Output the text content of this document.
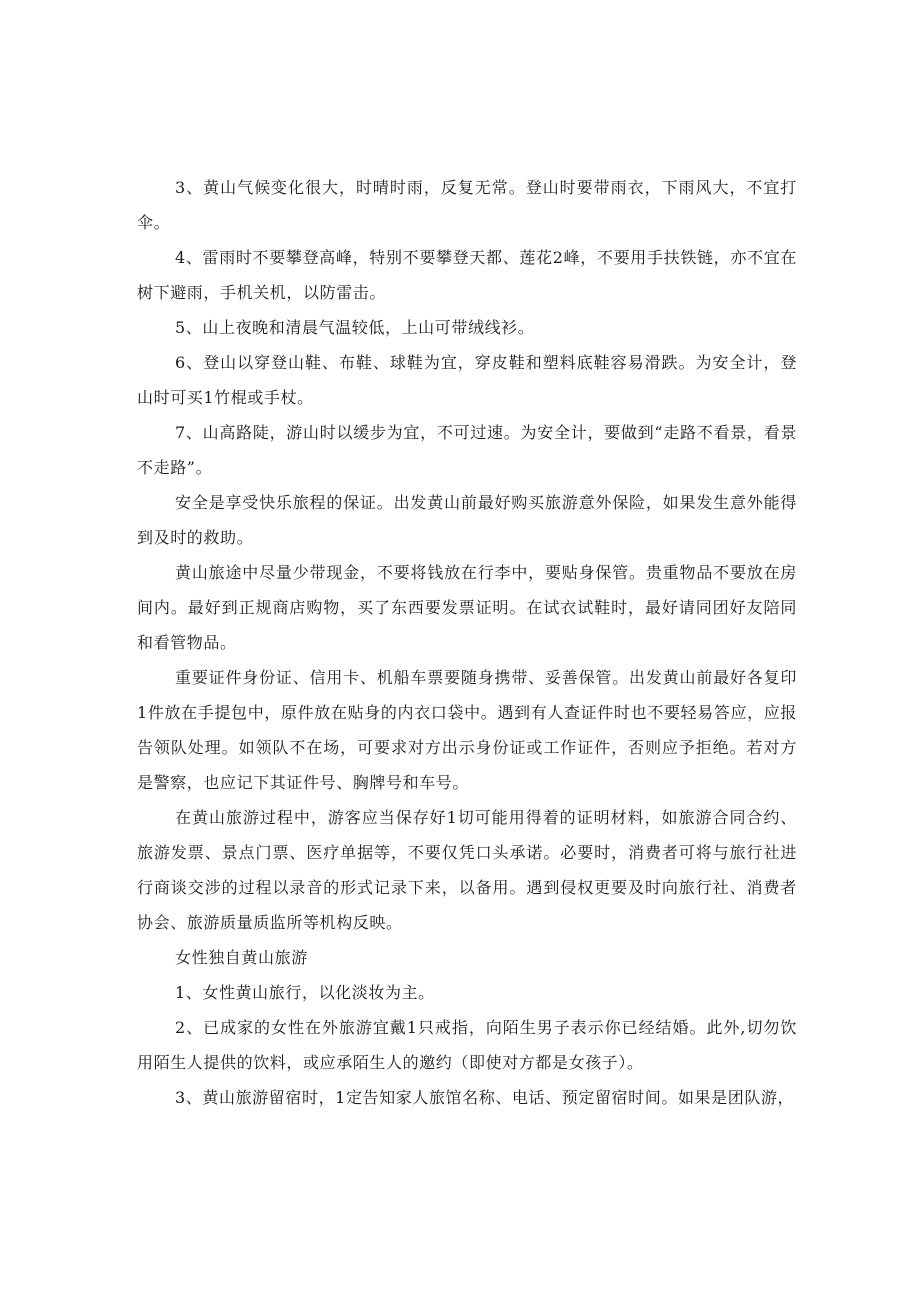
3、黄山气候变化很大，时晴时雨，反复无常。登山时要带雨衣，下雨风大，不宜打伞。

4、雷雨时不要攀登高峰，特别不要攀登天都、莲花2峰，不要用手扶铁链，亦不宜在树下避雨，手机关机，以防雷击。

5、山上夜晚和清晨气温较低，上山可带绒线衫。

6、登山以穿登山鞋、布鞋、球鞋为宜，穿皮鞋和塑料底鞋容易滑跌。为安全计，登山时可买1竹棍或手杖。

7、山高路陡，游山时以缓步为宜，不可过速。为安全计，要做到“走路不看景，看景不走路”。

安全是享受快乐旅程的保证。出发黄山前最好购买旅游意外保险，如果发生意外能得到及时的救助。

黄山旅途中尽量少带现金，不要将钱放在行李中，要贴身保管。贵重物品不要放在房间内。最好到正规商店购物，买了东西要发票证明。在试衣试鞋时，最好请同团好友陪同和看管物品。

重要证件身份证、信用卡、机船车票要随身携带、妥善保管。出发黄山前最好各复印1件放在手提包中，原件放在贴身的内衣口袋中。遇到有人查证件时也不要轻易答应，应报告领队处理。如领队不在场，可要求对方出示身份证或工作证件，否则应予拒绝。若对方是警察，也应记下其证件号、胸牌号和车号。

在黄山旅游过程中，游客应当保存好1切可能用得着的证明材料，如旅游合同合约、旅游发票、景点门票、医疗单据等，不要仅凭口头承诺。必要时，消费者可将与旅行社进行商谈交涉的过程以录音的形式记录下来，以备用。遇到侵权更要及时向旅行社、消费者协会、旅游质量质监所等机构反映。

女性独自黄山旅游

1、女性黄山旅行，以化淡妆为主。

2、已成家的女性在外旅游宜戴1只戒指，向陌生男子表示你已经结婚。此外,切勿饮用陌生人提供的饮料，或应承陌生人的邀约（即使对方都是女孩子）。

3、黄山旅游留宿时，1定告知家人旅馆名称、电话、预定留宿时间。如果是团队游，
